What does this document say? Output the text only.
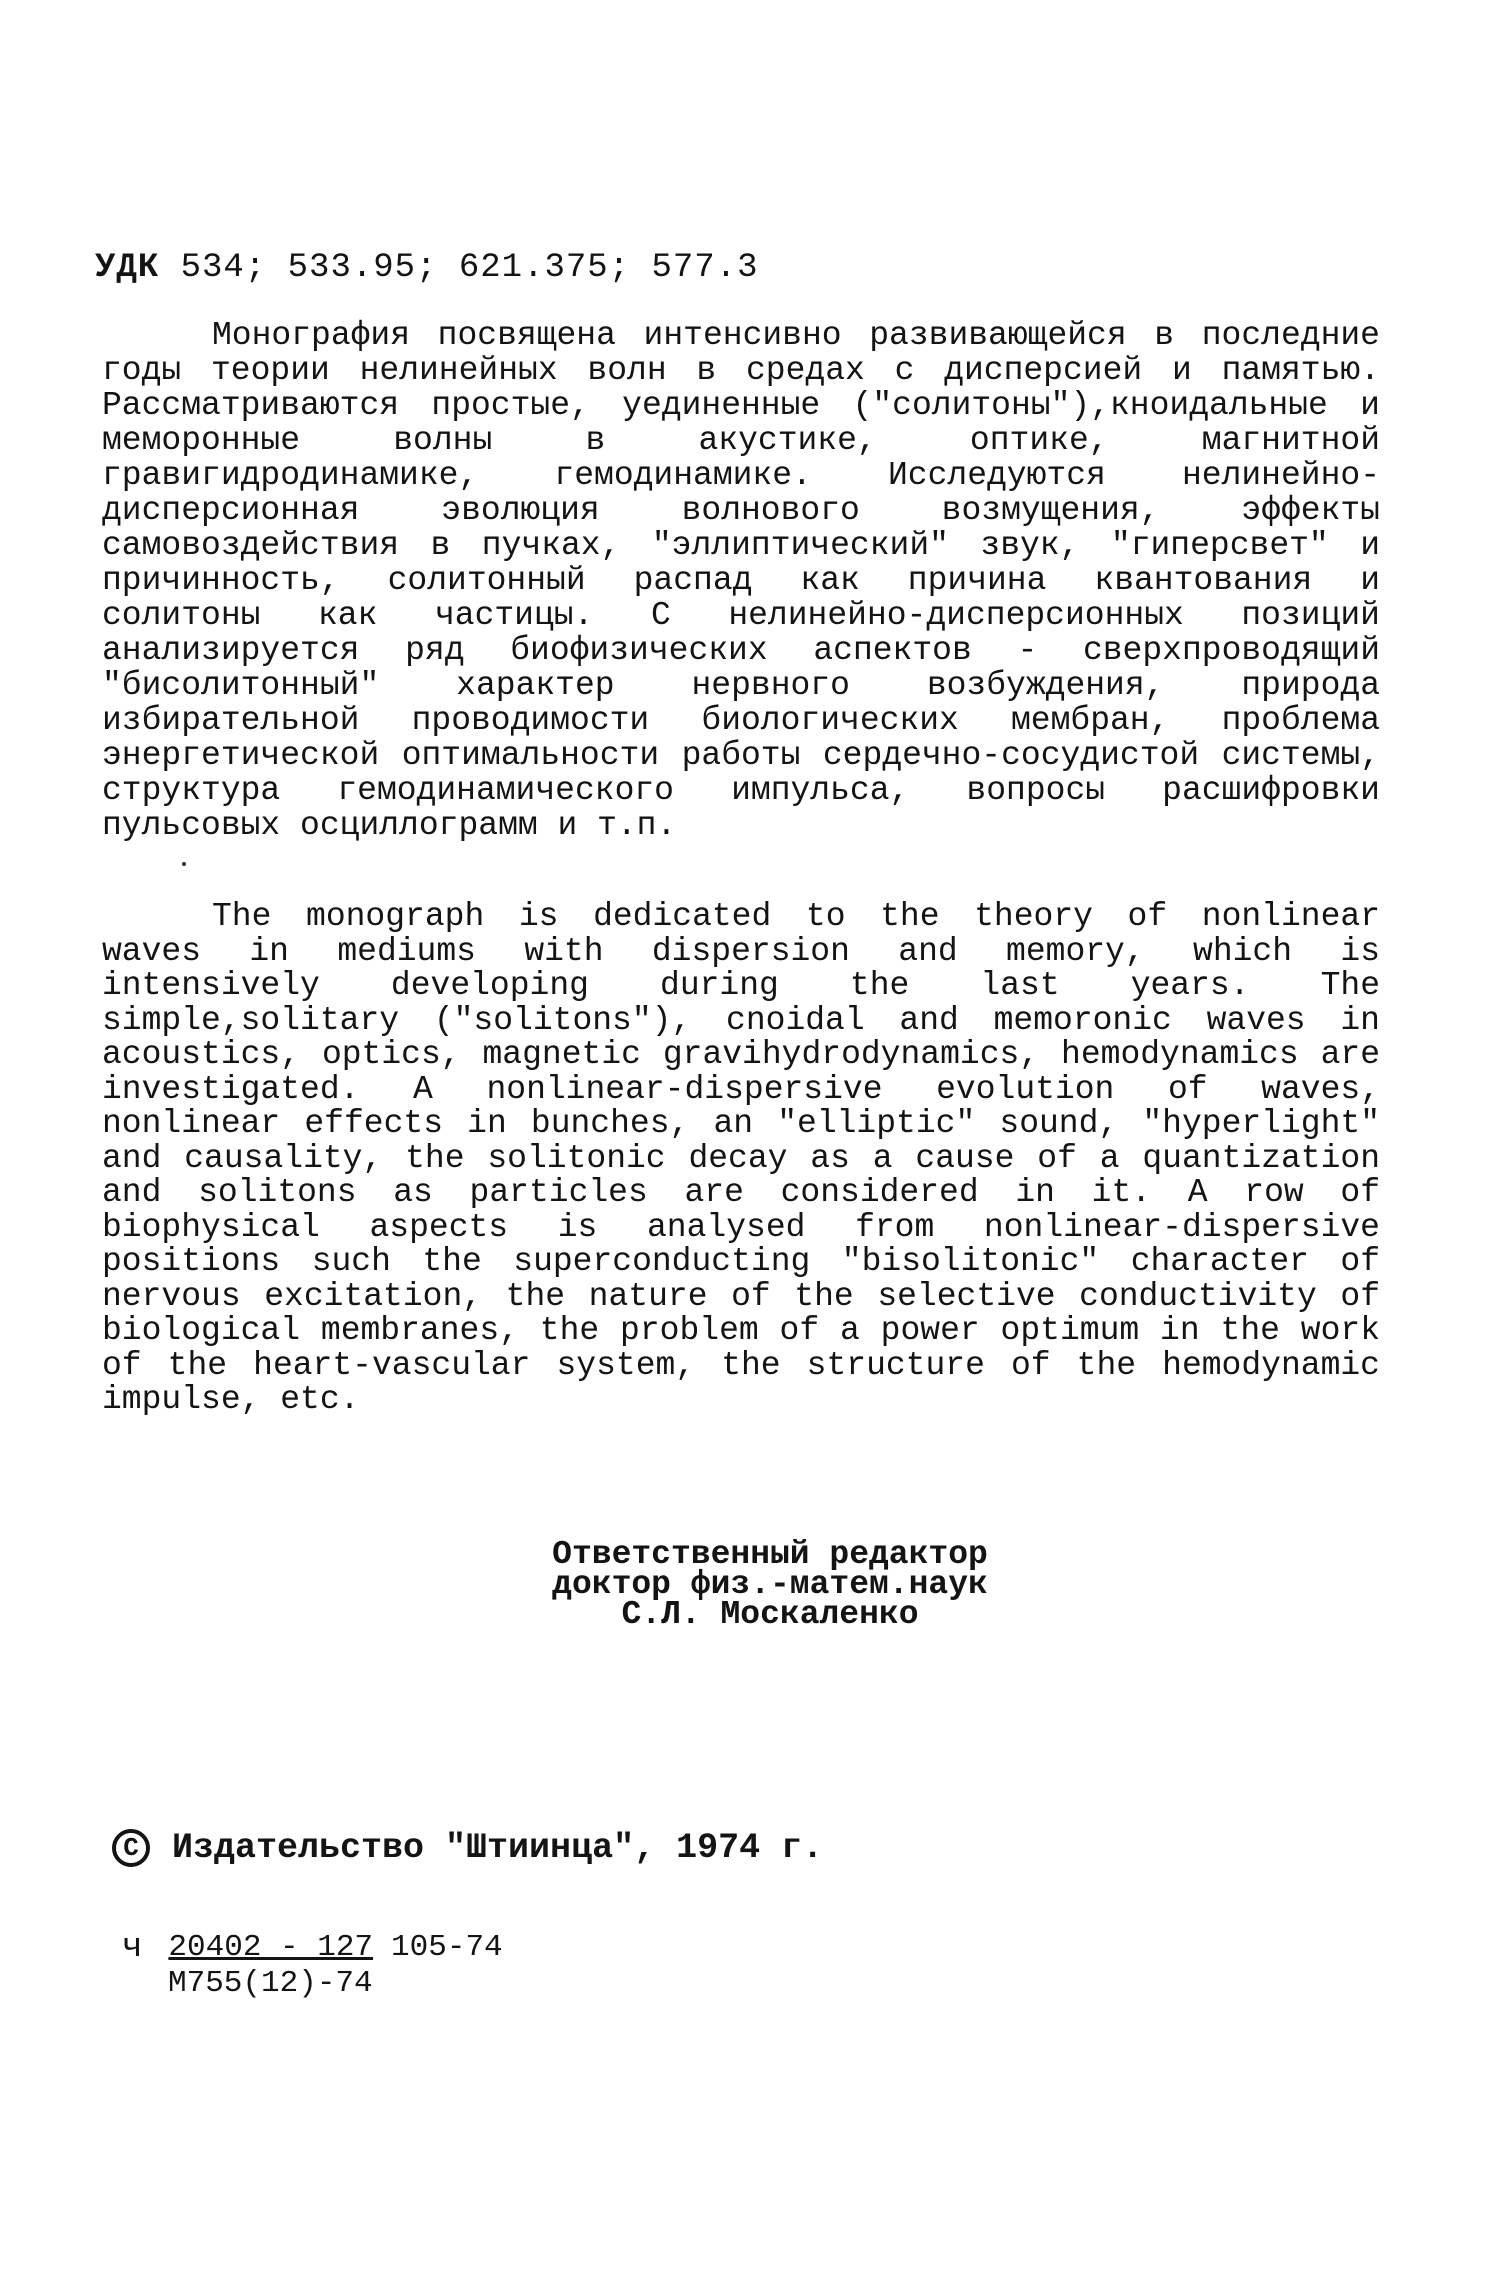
УДК 534; 533.95; 621.375; 577.3

Монография посвящена интенсивно развивающейся в последние годы теории нелинейных волн в средах с дисперсией и памятью. Рассматриваются простые, уединенные ("солитоны"),кноидальные и меморонные волны в акустике, оптике, магнитной гравигидродинамике, гемодинамике. Исследуются нелинейно-дисперсионная эволюция волнового возмущения, эффекты самовоздействия в пучках, "эллиптический" звук, "гиперсвет" и причинность, солитонный распад как причина квантования и солитоны как частицы. С нелинейно-дисперсионных позиций анализируется ряд биофизических аспектов - сверхпроводящий "бисолитонный" характер нервного возбуждения, природа избирательной проводимости биологических мембран, проблема энергетической оптимальности работы сердечно-сосудистой системы, структура гемодинамического импульса, вопросы расшифровки пульсовых осциллограмм и т.п.

The monograph is dedicated to the theory of nonlinear waves in mediums with dispersion and memory, which is intensively developing during the last years. The simple,solitary ("solitons"), cnoidal and memoronic waves in acoustics, optics, magnetic gravihydrodynamics, hemodynamics are investigated. A nonlinear-dispersive evolution of waves, nonlinear effects in bunches, an "elliptic" sound, "hyperlight" and causality, the solitonic decay as a cause of a quantization and solitons as particles are considered in it. A row of biophysical aspects is analysed from nonlinear-dispersive positions such the superconducting "bisolitonic" character of nervous excitation, the nature of the selective conductivity of biological membranes, the problem of a power optimum in the work of the heart-vascular system, the structure of the hemodynamic impulse, etc.

Ответственный редактор
доктор физ.-матем.наук
С.Л. Москаленко
C Издательство "Штиинца", 1974 г.
ч 20402 - 127 105-74
М755(12)-74
